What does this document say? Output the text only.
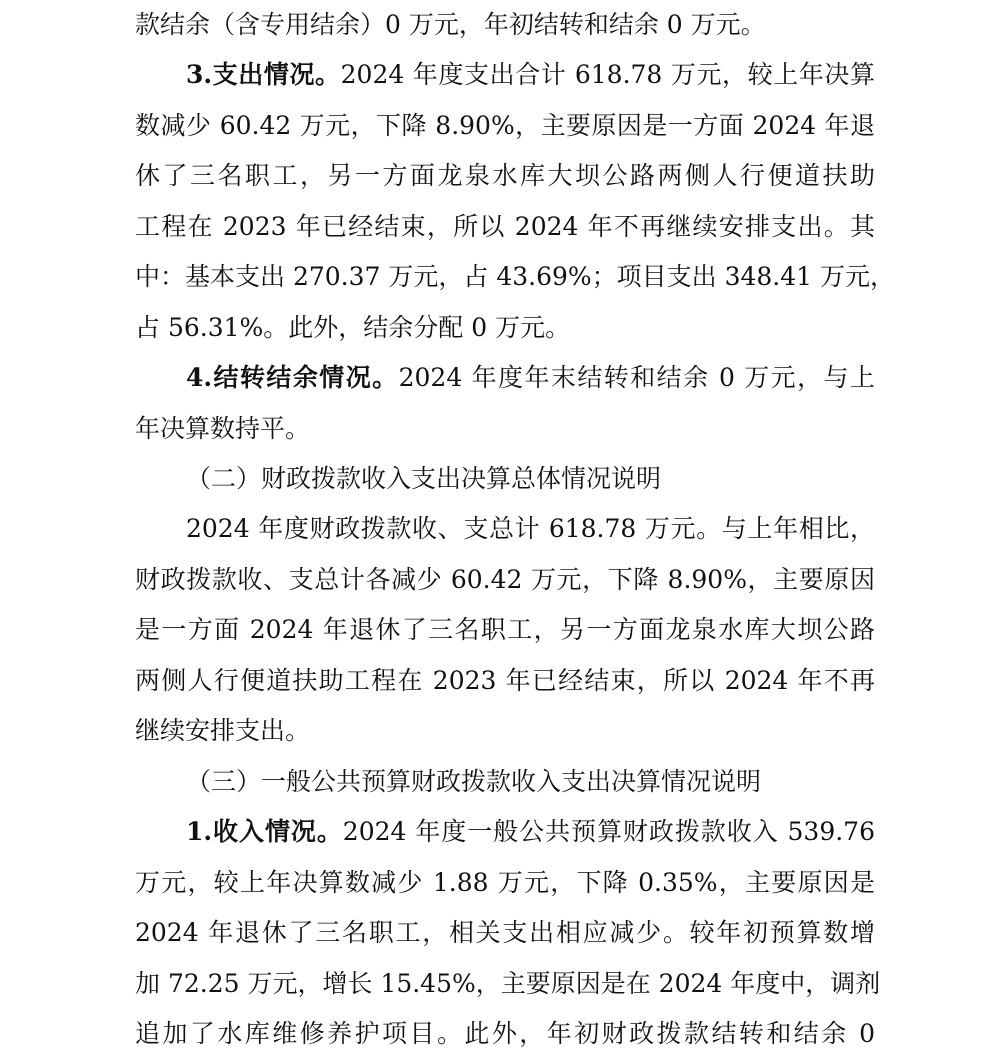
款结余（含专用结余）0 万元，年初结转和结余 0 万元。
3.支出情况。2024 年度支出合计 618.78 万元，较上年决算
数减少 60.42 万元，下降 8.90%，主要原因是一方面 2024 年退
休了三名职工，另一方面龙泉水库大坝公路两侧人行便道扶助
工程在 2023 年已经结束，所以 2024 年不再继续安排支出。其
中：基本支出 270.37 万元，占 43.69%；项目支出 348.41 万元，
占 56.31%。此外，结余分配 0 万元。
4.结转结余情况。2024 年度年末结转和结余 0 万元，与上
年决算数持平。
（二）财政拨款收入支出决算总体情况说明
2024 年度财政拨款收、支总计 618.78 万元。与上年相比，
财政拨款收、支总计各减少 60.42 万元，下降 8.90%，主要原因
是一方面 2024 年退休了三名职工，另一方面龙泉水库大坝公路
两侧人行便道扶助工程在 2023 年已经结束，所以 2024 年不再
继续安排支出。
（三）一般公共预算财政拨款收入支出决算情况说明
1.收入情况。2024 年度一般公共预算财政拨款收入 539.76
万元，较上年决算数减少 1.88 万元，下降 0.35%，主要原因是
2024 年退休了三名职工，相关支出相应减少。较年初预算数增
加 72.25 万元，增长 15.45%，主要原因是在 2024 年度中，调剂
追加了水库维修养护项目。此外，年初财政拨款结转和结余 0
